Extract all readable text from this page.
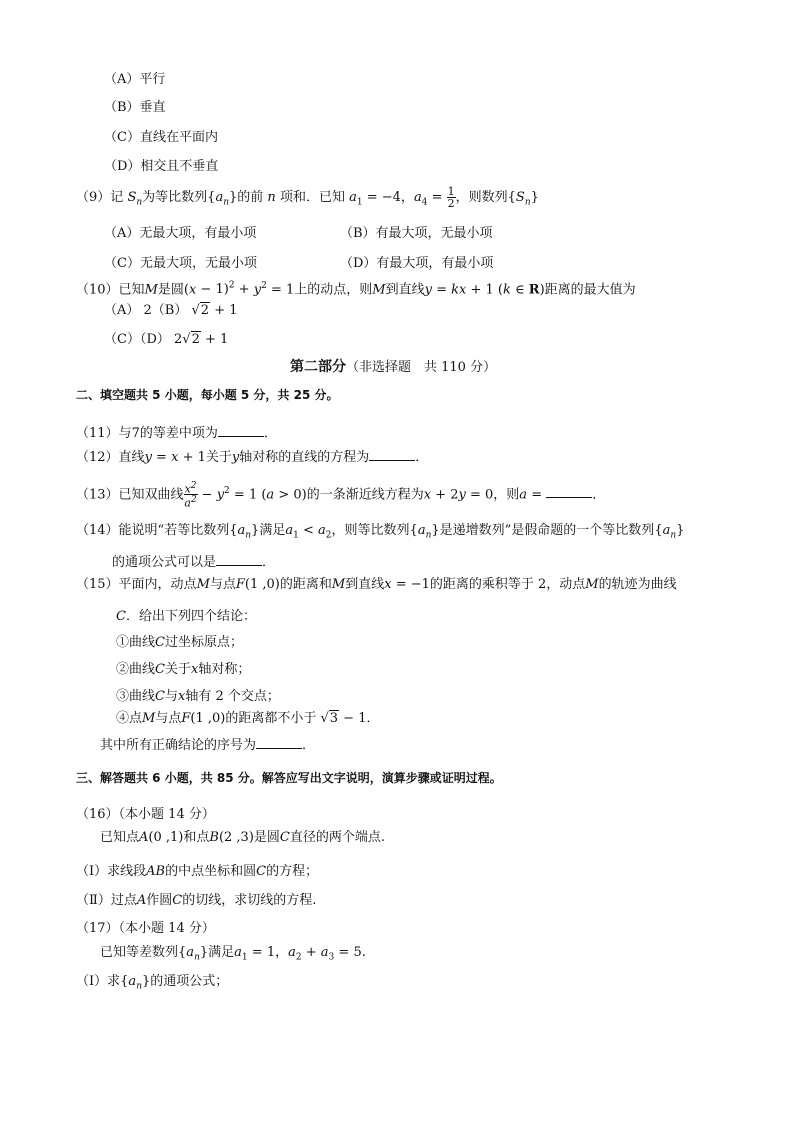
（A）平行
（B）垂直
（C）直线在平面内
（D）相交且不垂直
（9）记 $S_n$为等比数列$\{a_n\}$的前 n 项和．已知 $a_1 = -4$，$a_4 = \frac{1}{2}$ ，则数列$\{S_n\}$
（A）无最大项，有最小项	（B）有最大项，无最小项
（C）无最大项，无最小项	（D）有最大项，有最小项
（10）已知M是圆$(x - 1)^2 + y^2 = 1$上的动点，则M到直线y = kx + 1 (k ∈ R)距离的最大值为
（A） 2（B） √2 + 1
（C）（D） 2√2 + 1
第二部分（非选择题　共 110 分）
二、填空题共 5 小题，每小题 5 分，共 25 分。
（11）与7的等差中项为	．
（12）直线y = x + 1关于y轴对称的直线的方程为	．
（13）已知双曲线 $\frac{x^2}{a^2} - y^2 = 1$ (a > 0)的一条渐近线方程为x + 2y = 0，则a =	．
（14）能说明“若等比数列$\{a_n\}$满足$a_1 < a_2$，则等比数列$\{a_n\}$是递增数列”是假命题的一个等比数列$\{a_n\}$
的通项公式可以是	．
（15）平面内，动点M与点F(1 ,0)的距离和M到直线x = −1的距离的乘积等于 2，动点M的轨迹为曲线
C．给出下列四个结论：
①曲线C过坐标原点；
②曲线C关于x轴对称；
③曲线C与x轴有 2 个交点；
④点M与点F(1 ,0)的距离都不小于 √3 − 1．
其中所有正确结论的序号为	．
三、解答题共 6 小题，共 85 分。解答应写出文字说明，演算步骤或证明过程。
（16）（本小题 14 分）
已知点A(0 ,1)和点B(2 ,3)是圆C直径的两个端点.
（Ⅰ）求线段AB的中点坐标和圆C的方程；
（Ⅱ）过点A作圆C的切线，求切线的方程.
（17）（本小题 14 分）
已知等差数列$\{a_n\}$满足$a_1 = 1$，$a_2 + a_3 = 5$.
（Ⅰ）求$\{a_n\}$的通项公式；
